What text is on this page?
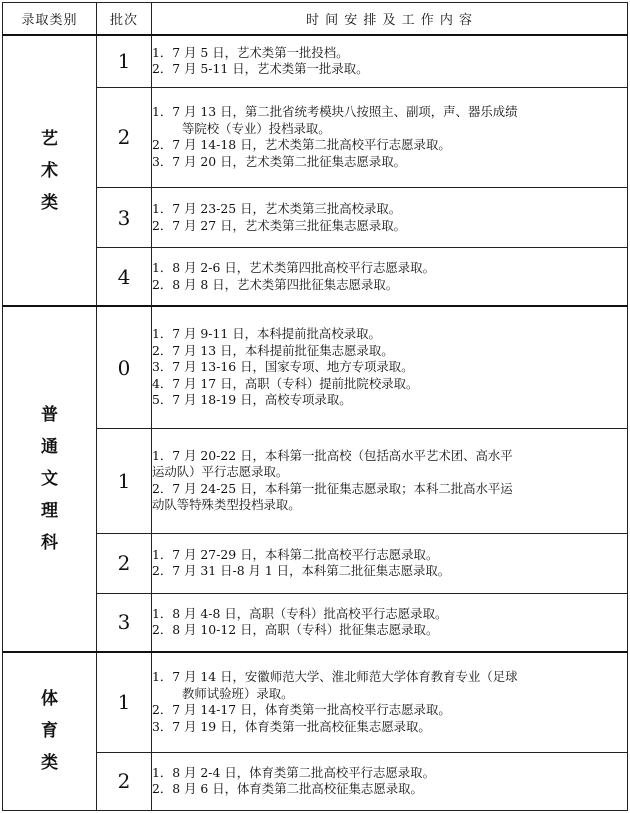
录取类别	批次	时 间 安 排 及 工 作 内 容
艺术类	1	1．7 月 5 日，艺术类第一批投档。
2．7 月 5-11 日，艺术类第一批录取。

	2	1．7 月 13 日，第二批省统考模块八按照主、副项，声、器乐成绩
等院校（专业）投档录取。
2．7 月 14-18 日，艺术类第二批高校平行志愿录取。
3．7 月 20 日，艺术类第二批征集志愿录取。

	3	1．7 月 23-25 日，艺术类第三批高校录取。
2．7 月 27 日，艺术类第三批征集志愿录取。

	4	1．8 月 2-6 日，艺术类第四批高校平行志愿录取。
2．8 月 8 日，艺术类第四批征集志愿录取。

普通文理科	0	1．7 月 9-11 日，本科提前批高校录取。
2．7 月 13 日，本科提前批征集志愿录取。
3．7 月 13-16 日，国家专项、地方专项录取。
4．7 月 17 日，高职（专科）提前批院校录取。
5．7 月 18-19 日，高校专项录取。

	1	1．7 月 20-22 日，本科第一批高校（包括高水平艺术团、高水平
运动队）平行志愿录取。
2．7 月 24-25 日，本科第一批征集志愿录取；本科二批高水平运
动队等特殊类型投档录取。

	2	1．7 月 27-29 日，本科第二批高校平行志愿录取。
2．7 月 31 日-8 月 1 日，本科第二批征集志愿录取。

	3	1．8 月 4-8 日，高职（专科）批高校平行志愿录取。
2．8 月 10-12 日，高职（专科）批征集志愿录取。

体育类	1	1．7 月 14 日，安徽师范大学、淮北师范大学体育教育专业（足球
教师试验班）录取。
2．7 月 14-17 日，体育类第一批高校平行志愿录取。
3．7 月 19 日，体育类第一批高校征集志愿录取。

	2	1．8 月 2-4 日，体育类第二批高校平行志愿录取。
2．8 月 6 日，体育类第二批高校征集志愿录取。
